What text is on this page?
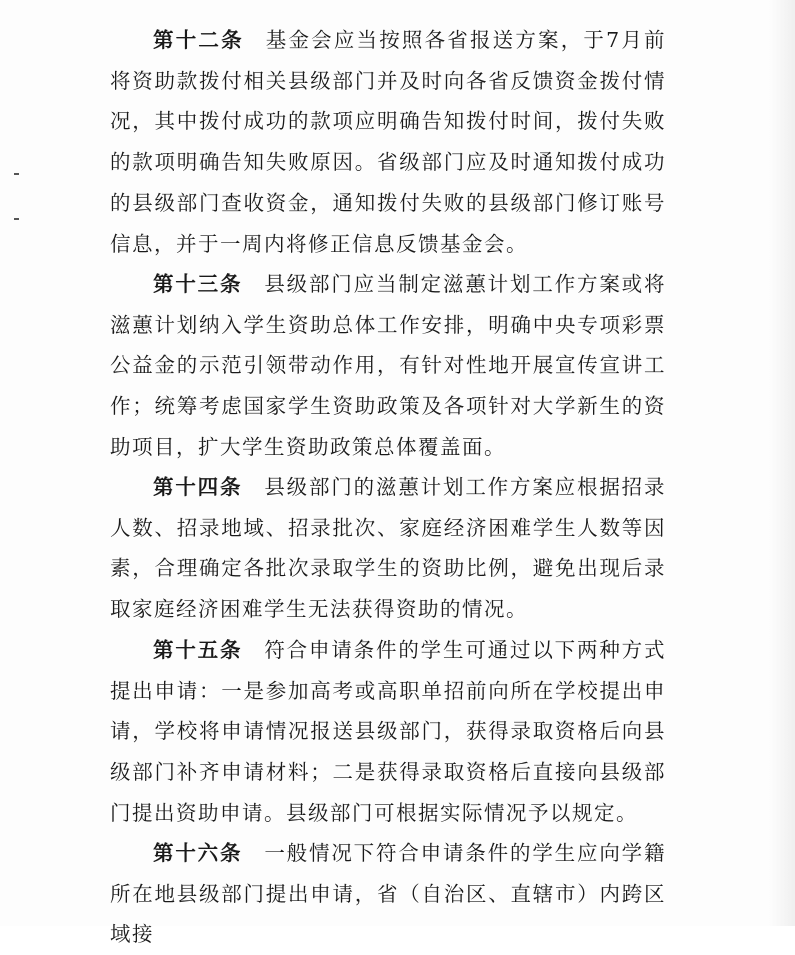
第十二条 基金会应当按照各省报送方案，于7月前将资助款拨付相关县级部门并及时向各省反馈资金拨付情况，其中拨付成功的款项应明确告知拨付时间，拨付失败的款项明确告知失败原因。省级部门应及时通知拨付成功的县级部门查收资金，通知拨付失败的县级部门修订账号信息，并于一周内将修正信息反馈基金会。

第十三条 县级部门应当制定滋蕙计划工作方案或将滋蕙计划纳入学生资助总体工作安排，明确中央专项彩票公益金的示范引领带动作用，有针对性地开展宣传宣讲工作；统筹考虑国家学生资助政策及各项针对大学新生的资助项目，扩大学生资助政策总体覆盖面。

第十四条 县级部门的滋蕙计划工作方案应根据招录人数、招录地域、招录批次、家庭经济困难学生人数等因素，合理确定各批次录取学生的资助比例，避免出现后录取家庭经济困难学生无法获得资助的情况。

第十五条 符合申请条件的学生可通过以下两种方式提出申请：一是参加高考或高职单招前向所在学校提出申请，学校将申请情况报送县级部门，获得录取资格后向县级部门补齐申请材料；二是获得录取资格后直接向县级部门提出资助申请。县级部门可根据实际情况予以规定。

第十六条 一般情况下符合申请条件的学生应向学籍所在地县级部门提出申请，省（自治区、直辖市）内跨区域接
